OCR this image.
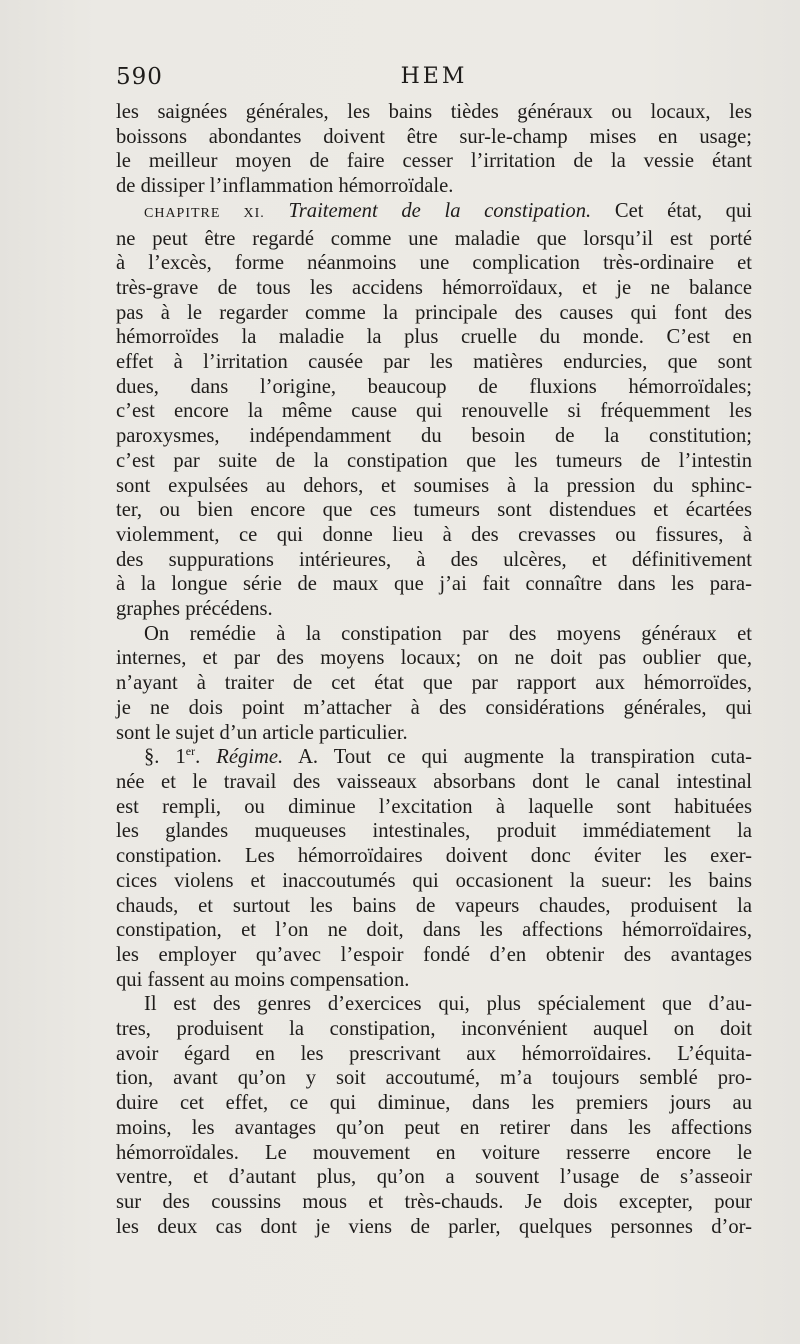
590	HEM
les saignées générales, les bains tièdes généraux ou locaux, les
boissons abondantes doivent être sur-le-champ mises en usage;
le meilleur moyen de faire cesser l’irritation de la vessie étant
de dissiper l’inflammation hémorroïdale.
CHAPITRE XI. Traitement de la constipation. Cet état, qui
ne peut être regardé comme une maladie que lorsqu’il est porté
à l’excès, forme néanmoins une complication très-ordinaire et
très-grave de tous les accidens hémorroïdaux, et je ne balance
pas à le regarder comme la principale des causes qui font des
hémorroïdes la maladie la plus cruelle du monde. C’est en
effet à l’irritation causée par les matières endurcies, que sont
dues, dans l’origine, beaucoup de fluxions hémorroïdales;
c’est encore la même cause qui renouvelle si fréquemment les
paroxysmes, indépendamment du besoin de la constitution;
c’est par suite de la constipation que les tumeurs de l’intestin
sont expulsées au dehors, et soumises à la pression du sphinc-
ter, ou bien encore que ces tumeurs sont distendues et écartées
violemment, ce qui donne lieu à des crevasses ou fissures, à
des suppurations intérieures, à des ulcères, et définitivement
à la longue série de maux que j’ai fait connaître dans les para-
graphes précédens.
On remédie à la constipation par des moyens généraux et
internes, et par des moyens locaux; on ne doit pas oublier que,
n’ayant à traiter de cet état que par rapport aux hémorroïdes,
je ne dois point m’attacher à des considérations générales, qui
sont le sujet d’un article particulier.
§. 1er. Régime. A. Tout ce qui augmente la transpiration cuta-
née et le travail des vaisseaux absorbans dont le canal intestinal
est rempli, ou diminue l’excitation à laquelle sont habituées
les glandes muqueuses intestinales, produit immédiatement la
constipation. Les hémorroïdaires doivent donc éviter les exer-
cices violens et inaccoutumés qui occasionent la sueur: les bains
chauds, et surtout les bains de vapeurs chaudes, produisent la
constipation, et l’on ne doit, dans les affections hémorroïdaires,
les employer qu’avec l’espoir fondé d’en obtenir des avantages
qui fassent au moins compensation.
Il est des genres d’exercices qui, plus spécialement que d’au-
tres, produisent la constipation, inconvénient auquel on doit
avoir égard en les prescrivant aux hémorroïdaires. L’équita-
tion, avant qu’on y soit accoutumé, m’a toujours semblé pro-
duire cet effet, ce qui diminue, dans les premiers jours au
moins, les avantages qu’on peut en retirer dans les affections
hémorroïdales. Le mouvement en voiture resserre encore le
ventre, et d’autant plus, qu’on a souvent l’usage de s’asseoir
sur des coussins mous et très-chauds. Je dois excepter, pour
les deux cas dont je viens de parler, quelques personnes d’or-
